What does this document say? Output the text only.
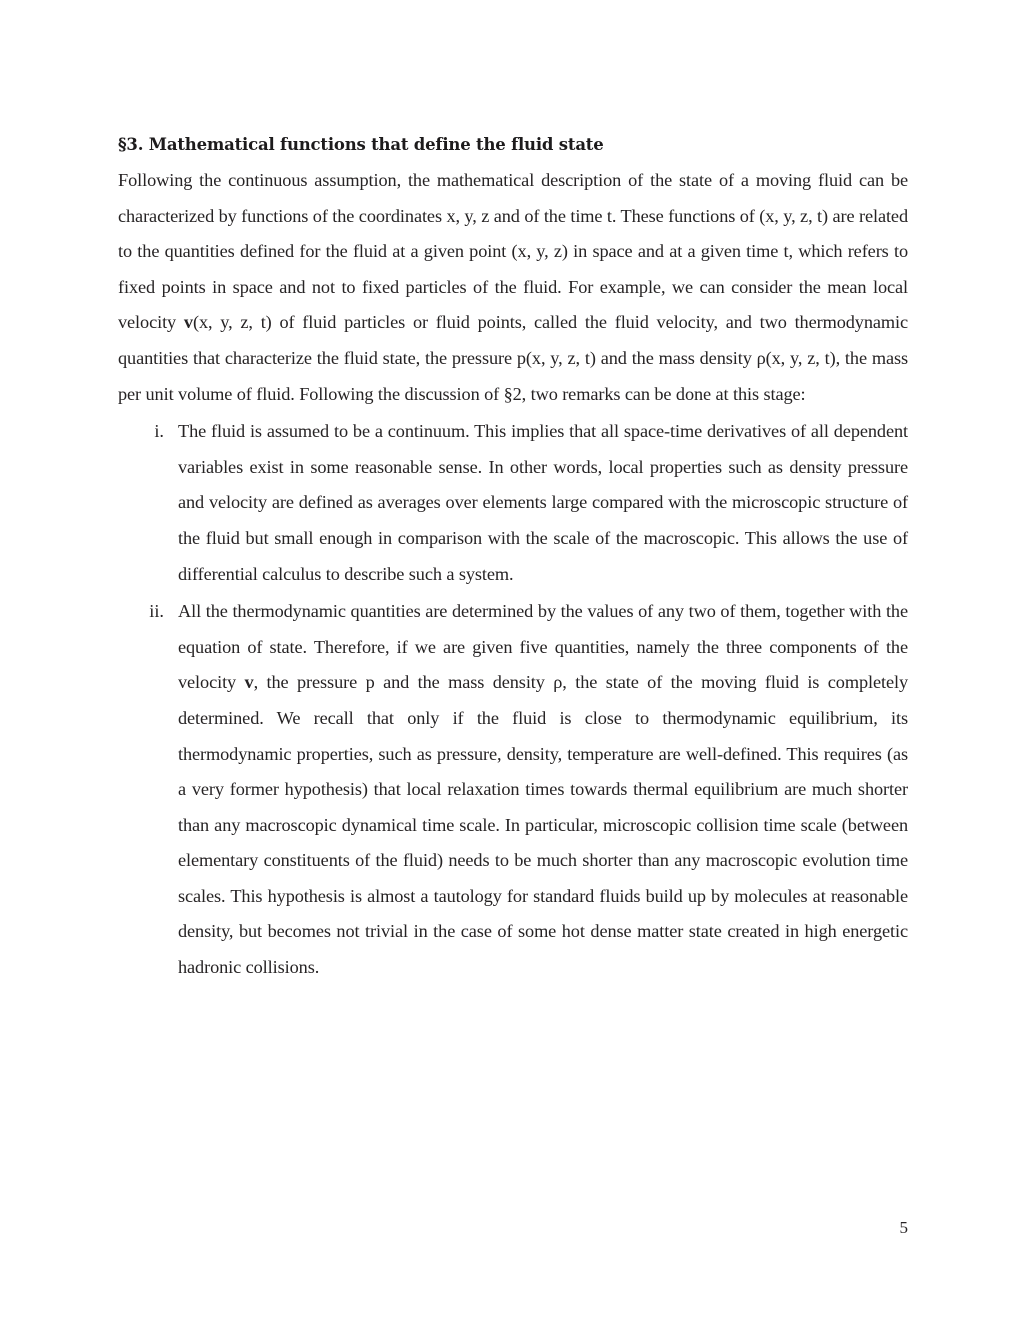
§3. Mathematical functions that define the fluid state

Following the continuous assumption, the mathematical description of the state of a moving fluid can be characterized by functions of the coordinates x, y, z and of the time t. These functions of (x, y, z, t) are related to the quantities defined for the fluid at a given point (x, y, z) in space and at a given time t, which refers to fixed points in space and not to fixed particles of the fluid. For example, we can consider the mean local velocity v(x, y, z, t) of fluid particles or fluid points, called the fluid velocity, and two thermodynamic quantities that characterize the fluid state, the pressure p(x, y, z, t) and the mass density ρ(x, y, z, t), the mass per unit volume of fluid. Following the discussion of §2, two remarks can be done at this stage:

i. The fluid is assumed to be a continuum. This implies that all space-time derivatives of all dependent variables exist in some reasonable sense. In other words, local properties such as density pressure and velocity are defined as averages over elements large compared with the microscopic structure of the fluid but small enough in comparison with the scale of the macroscopic. This allows the use of differential calculus to describe such a system.
ii. All the thermodynamic quantities are determined by the values of any two of them, together with the equation of state. Therefore, if we are given five quantities, namely the three components of the velocity v, the pressure p and the mass density ρ, the state of the moving fluid is completely determined. We recall that only if the fluid is close to thermodynamic equilibrium, its thermodynamic properties, such as pressure, density, temperature are well-defined. This requires (as a very former hypothesis) that local relaxation times towards thermal equilibrium are much shorter than any macroscopic dynamical time scale. In particular, microscopic collision time scale (between elementary constituents of the fluid) needs to be much shorter than any macroscopic evolution time scales. This hypothesis is almost a tautology for standard fluids build up by molecules at reasonable density, but becomes not trivial in the case of some hot dense matter state created in high energetic hadronic collisions.
5
